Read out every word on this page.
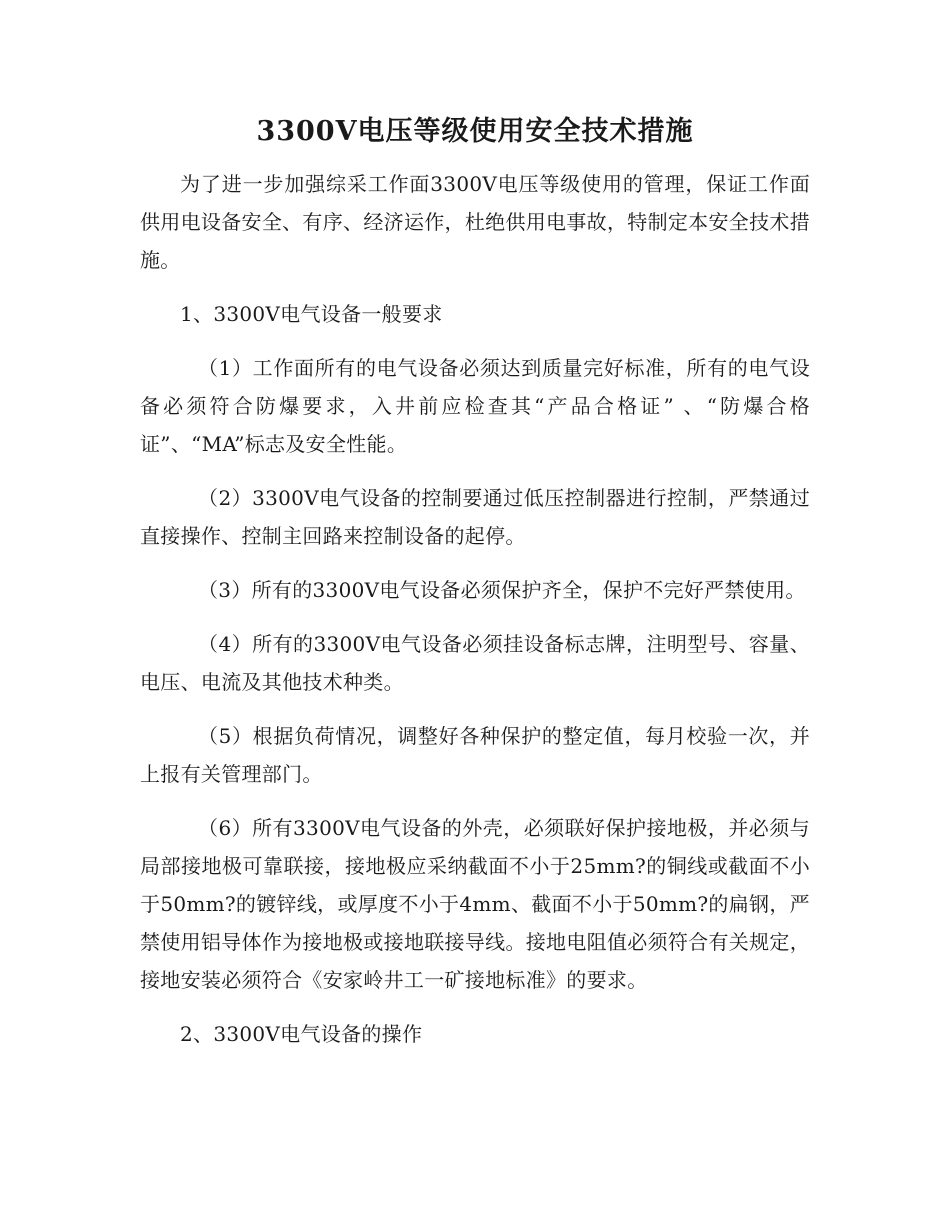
3300V电压等级使用安全技术措施

为了进一步加强综采工作面3300V电压等级使用的管理，保证工作面供用电设备安全、有序、经济运作，杜绝供用电事故，特制定本安全技术措施。

1、3300V电气设备一般要求

（1）工作面所有的电气设备必须达到质量完好标准，所有的电气设备必须符合防爆要求，入井前应检查其“产品合格证” 、“防爆合格证”、“MA”标志及安全性能。

（2）3300V电气设备的控制要通过低压控制器进行控制，严禁通过直接操作、控制主回路来控制设备的起停。

（3）所有的3300V电气设备必须保护齐全，保护不完好严禁使用。

（4）所有的3300V电气设备必须挂设备标志牌，注明型号、容量、电压、电流及其他技术种类。

（5）根据负荷情况，调整好各种保护的整定值，每月校验一次，并上报有关管理部门。

（6）所有3300V电气设备的外壳，必须联好保护接地极，并必须与局部接地极可靠联接，接地极应采纳截面不小于25mm?的铜线或截面不小于50mm?的镀锌线，或厚度不小于4mm、截面不小于50mm?的扁钢，严禁使用铝导体作为接地极或接地联接导线。接地电阻值必须符合有关规定，接地安装必须符合《安家岭井工一矿接地标准》的要求。

2、3300V电气设备的操作
